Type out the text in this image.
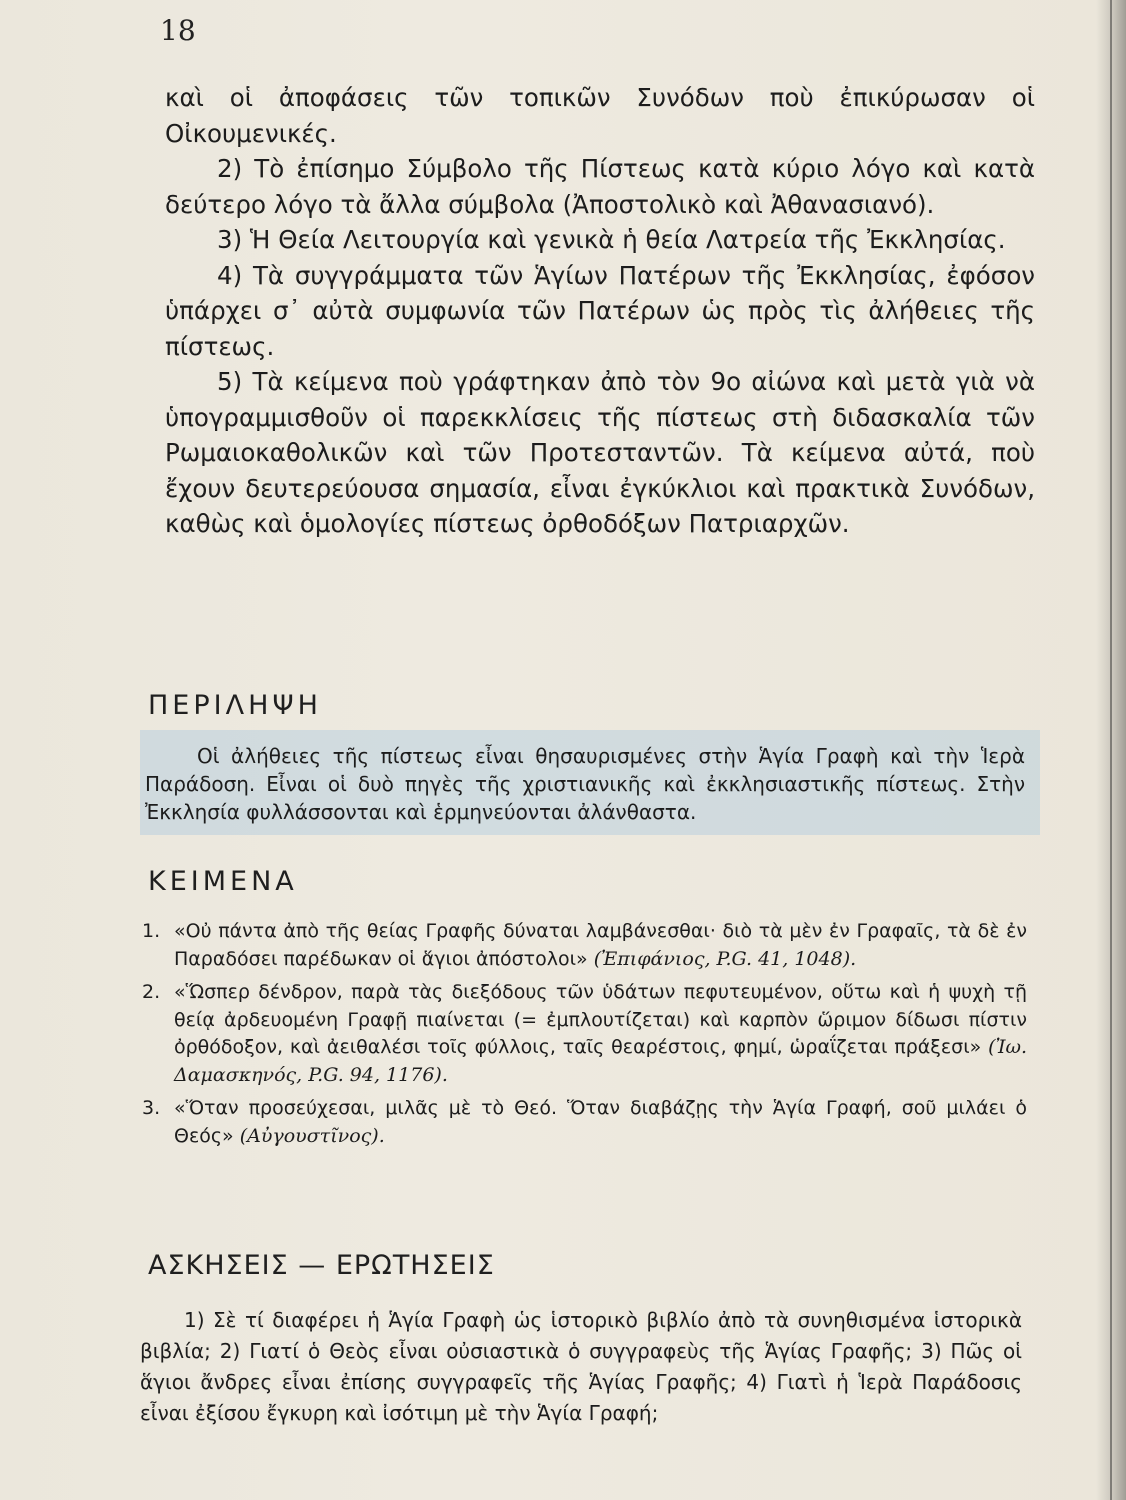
18

καὶ οἱ ἀποφάσεις τῶν τοπικῶν Συνόδων ποὺ ἐπικύρωσαν οἱ Οἰκουμενικές.

2) Τὸ ἐπίσημο Σύμβολο τῆς Πίστεως κατὰ κύριο λόγο καὶ κατὰ δεύτερο λόγο τὰ ἄλλα σύμβολα (Ἀποστολικὸ καὶ Ἀθανασιανό).

3) Ἡ Θεία Λειτουργία καὶ γενικὰ ἡ θεία Λατρεία τῆς Ἐκκλησίας.

4) Τὰ συγγράμματα τῶν Ἁγίων Πατέρων τῆς Ἐκκλησίας, ἐφόσον ὑπάρχει σ᾿ αὐτὰ συμφωνία τῶν Πατέρων ὡς πρὸς τὶς ἀλήθειες τῆς πίστεως.

5) Τὰ κείμενα ποὺ γράφτηκαν ἀπὸ τὸν 9ο αἰώνα καὶ μετὰ γιὰ νὰ ὑπογραμμισθοῦν οἱ παρεκκλίσεις τῆς πίστεως στὴ διδασκαλία τῶν Ρωμαιοκαθολικῶν καὶ τῶν Προτεσταντῶν. Τὰ κείμενα αὐτά, ποὺ ἔχουν δευτερεύουσα σημασία, εἶναι ἐγκύκλιοι καὶ πρακτικὰ Συνόδων, καθὼς καὶ ὁμολογίες πίστεως ὀρθοδόξων Πατριαρχῶν.

ΠΕΡΙΛΗΨΗ

Οἱ ἀλήθειες τῆς πίστεως εἶναι θησαυρισμένες στὴν Ἁγία Γραφὴ καὶ τὴν Ἱερὰ Παράδοση. Εἶναι οἱ δυὸ πηγὲς τῆς χριστιανικῆς καὶ ἐκκλησιαστικῆς πίστεως. Στὴν Ἐκκλησία φυλλάσσονται καὶ ἑρμηνεύονται ἀλάνθαστα.

ΚΕΙΜΕΝΑ
1. «Οὐ πάντα ἀπὸ τῆς θείας Γραφῆς δύναται λαμβάνεσθαι· διὸ τὰ μὲν ἐν Γραφαῖς, τὰ δὲ ἐν Παραδόσει παρέδωκαν οἱ ἅγιοι ἀπόστολοι» (Ἐπιφάνιος, P.G. 41, 1048).
2. «Ὥσπερ δένδρον, παρὰ τὰς διεξόδους τῶν ὑδάτων πεφυτευμένον, οὕτω καὶ ἡ ψυχὴ τῇ θείᾳ ἀρδευομένη Γραφῇ πιαίνεται (= ἐμπλουτίζεται) καὶ καρπὸν ὥριμον δίδωσι πίστιν ὀρθόδοξον, καὶ ἀειθαλέσι τοῖς φύλλοις, ταῖς θεαρέστοις, φημί, ὡραΐζεται πράξεσι» (Ἰω. Δαμασκηνός, P.G. 94, 1176).
3. «Ὅταν προσεύχεσαι, μιλᾶς μὲ τὸ Θεό. Ὅταν διαβάζῃς τὴν Ἁγία Γραφή, σοῦ μιλάει ὁ Θεός» (Αὐγουστῖνος).
ΑΣΚΗΣΕΙΣ — ΕΡΩΤΗΣΕΙΣ

1) Σὲ τί διαφέρει ἡ Ἁγία Γραφὴ ὡς ἱστορικὸ βιβλίο ἀπὸ τὰ συνηθισμένα ἱστορικὰ βιβλία; 2) Γιατί ὁ Θεὸς εἶναι οὐσιαστικὰ ὁ συγγραφεὺς τῆς Ἁγίας Γραφῆς; 3) Πῶς οἱ ἅγιοι ἄνδρες εἶναι ἐπίσης συγγραφεῖς τῆς Ἁγίας Γραφῆς; 4) Γιατὶ ἡ Ἱερὰ Παράδοσις εἶναι ἐξίσου ἔγκυρη καὶ ἰσότιμη μὲ τὴν Ἁγία Γραφή;
